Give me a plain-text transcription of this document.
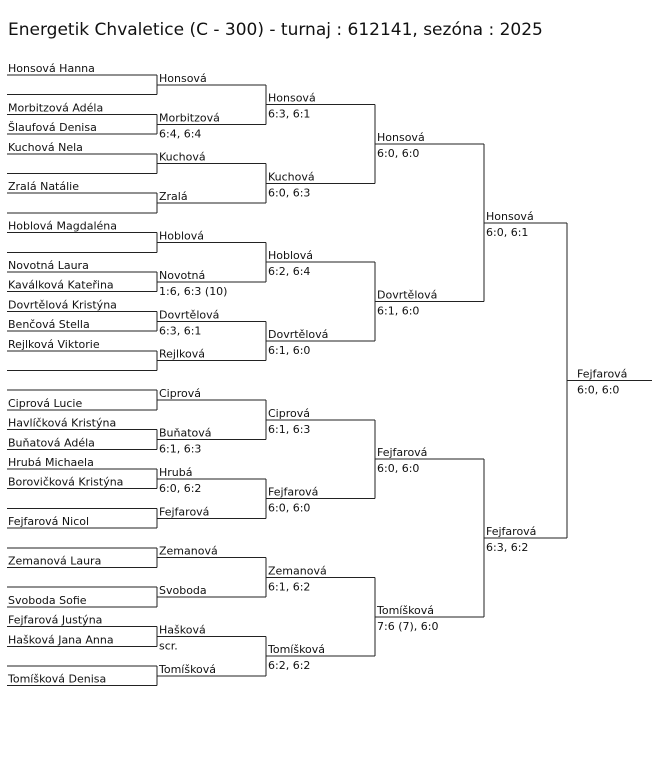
Energetik Chvaletice (C - 300) - turnaj : 612141, sezóna : 2025
Honsová Hanna
Morbitzová Adéla
Šlaufová Denisa
Kuchová Nela
Zralá Natálie
Hoblová Magdaléna
Novotná Laura
Kaválková Kateřina
Dovrtělová Kristýna
Benčová Stella
Rejlková Viktorie
Ciprová Lucie
Havlíčková Kristýna
Buňatová Adéla
Hrubá Michaela
Borovičková Kristýna
Fejfarová Nicol
Zemanová Laura
Svoboda Sofie
Fejfarová Justýna
Hašková Jana Anna
Tomíšková Denisa
Honsová
Morbitzová
6:4, 6:4
Kuchová
Zralá
Hoblová
Novotná
1:6, 6:3 (10)
Dovrtělová
6:3, 6:1
Rejlková
Ciprová
Buňatová
6:1, 6:3
Hrubá
6:0, 6:2
Fejfarová
Zemanová
Svoboda
Hašková
scr.
Tomíšková
Honsová
6:3, 6:1
Kuchová
6:0, 6:3
Hoblová
6:2, 6:4
Dovrtělová
6:1, 6:0
Ciprová
6:1, 6:3
Fejfarová
6:0, 6:0
Zemanová
6:1, 6:2
Tomíšková
6:2, 6:2
Honsová
6:0, 6:0
Dovrtělová
6:1, 6:0
Fejfarová
6:0, 6:0
Tomíšková
7:6 (7), 6:0
Honsová
6:0, 6:1
Fejfarová
6:3, 6:2
Fejfarová
6:0, 6:0
